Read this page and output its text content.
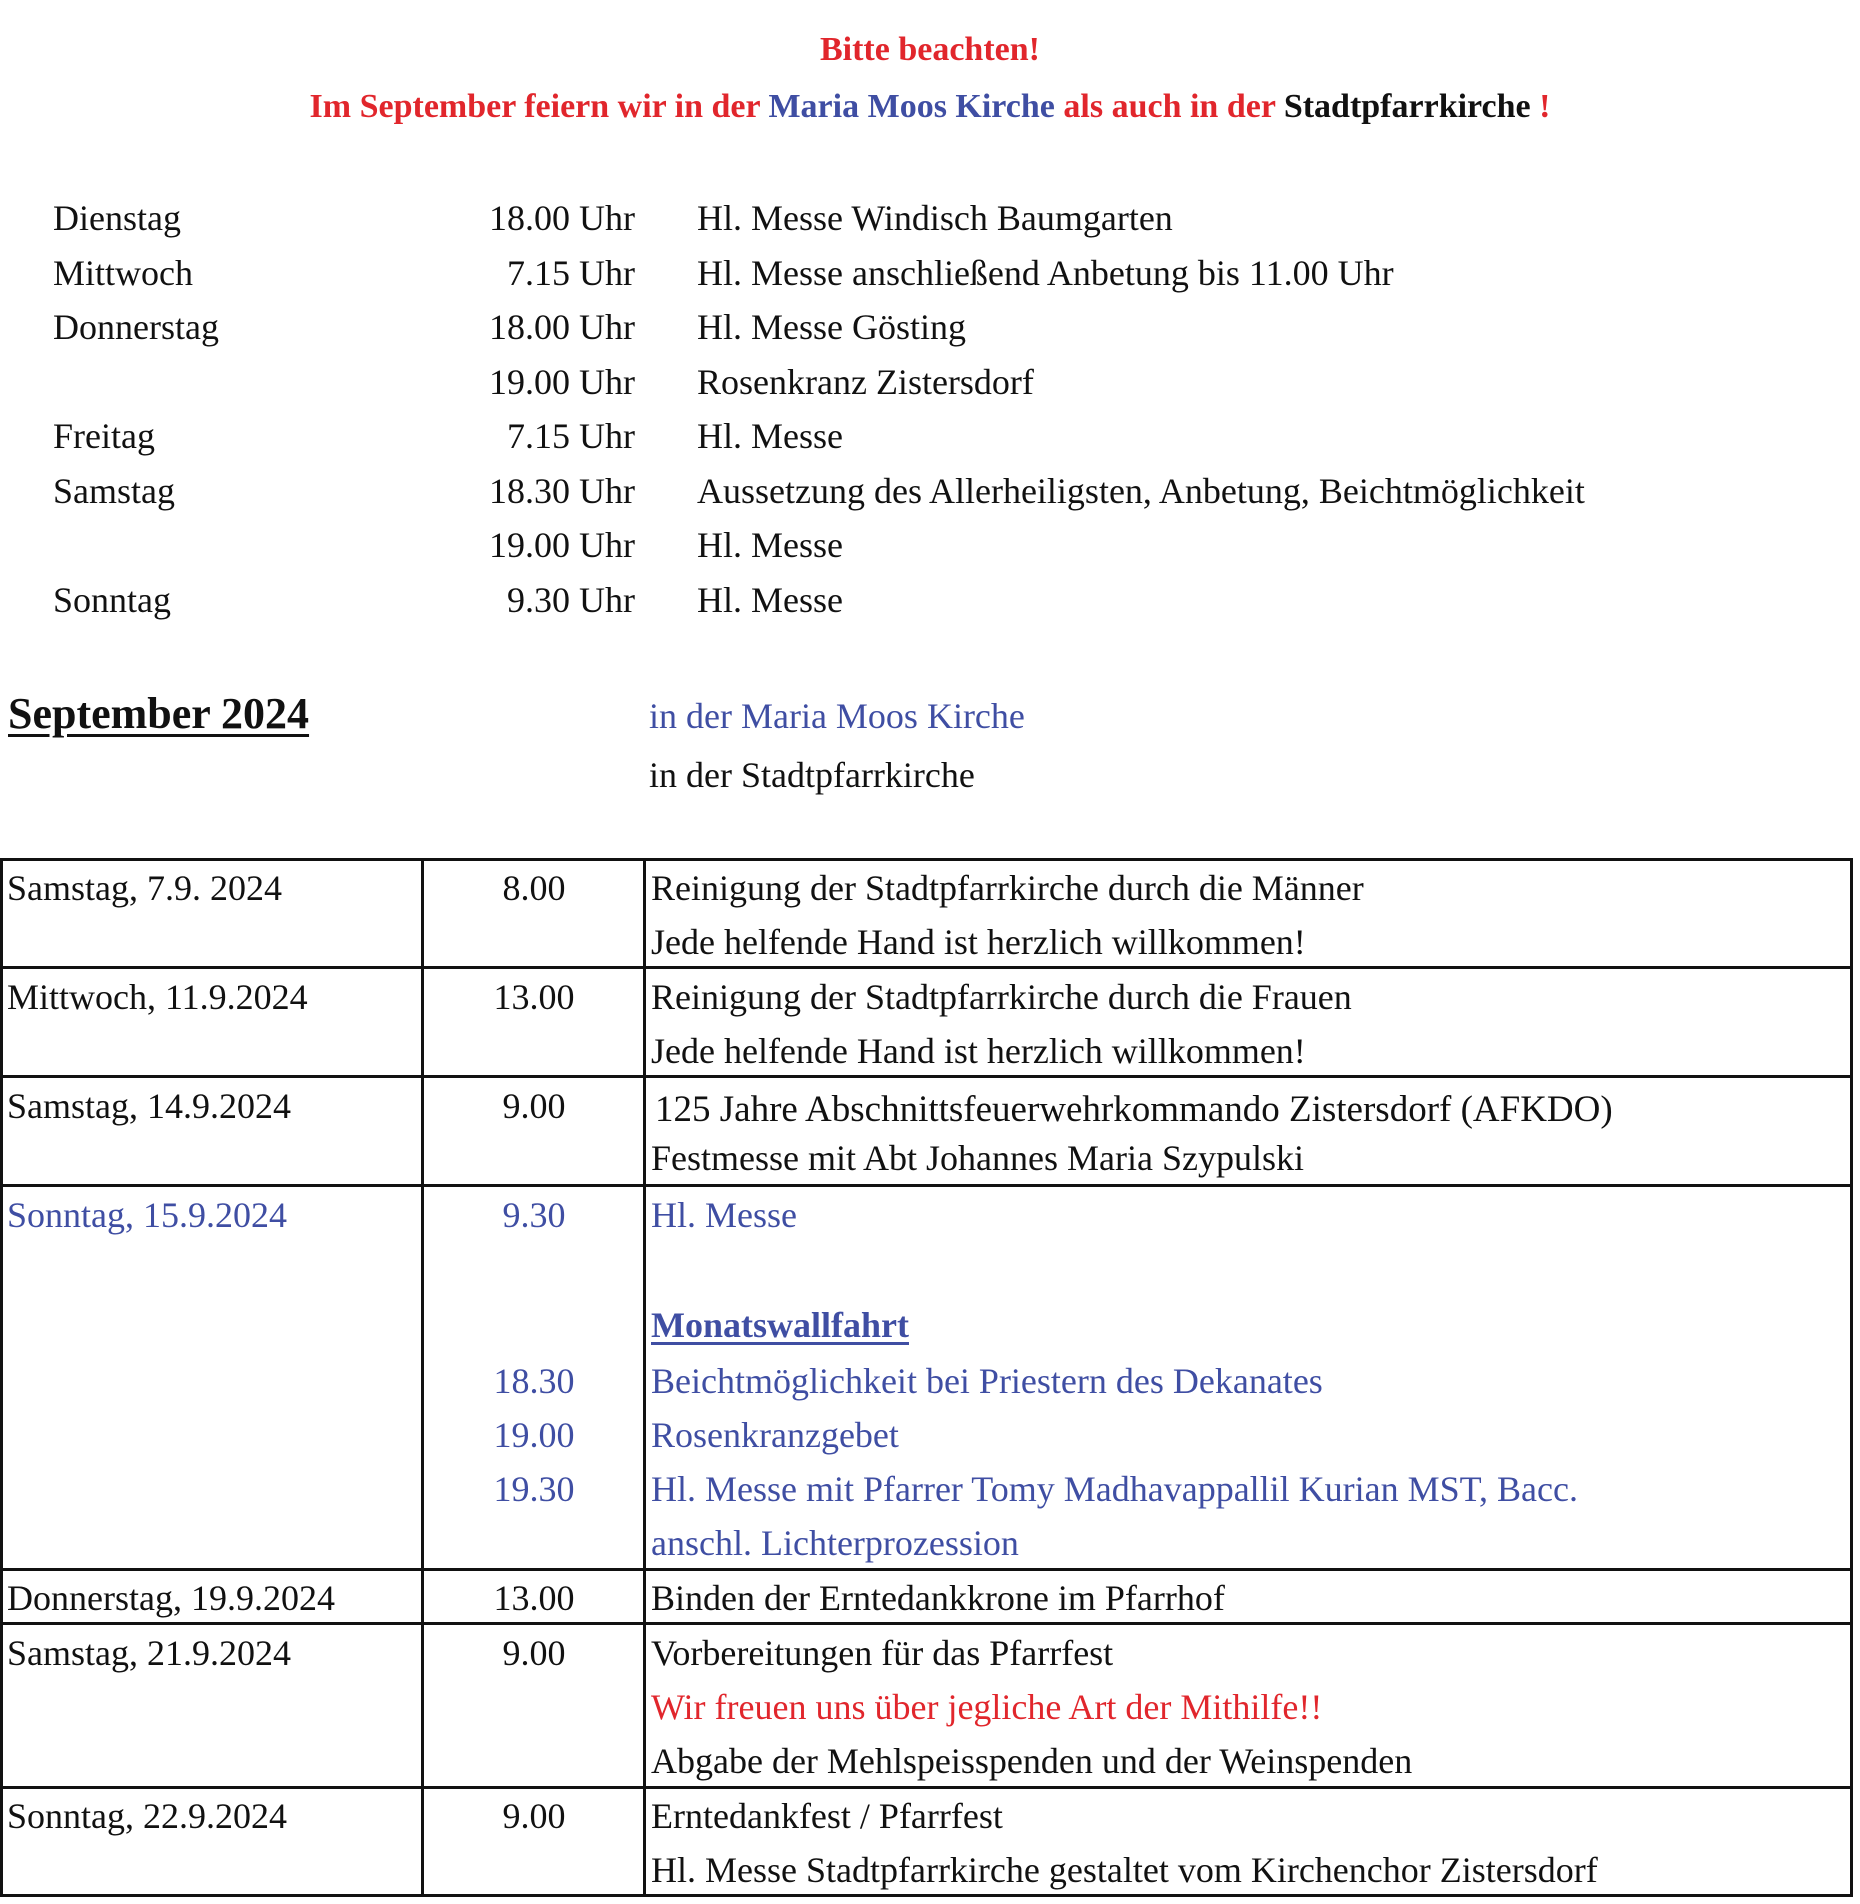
Bitte beachten!
Im September feiern wir in der Maria Moos Kirche als auch in der Stadtpfarrkirche !
Dienstag	18.00 Uhr Hl. Messe Windisch Baumgarten
Mittwoch	7.15 Uhr Hl. Messe anschließend Anbetung bis 11.00 Uhr
Donnerstag	18.00 Uhr Hl. Messe Gösting
19.00 Uhr Rosenkranz Zistersdorf
Freitag	7.15 Uhr Hl. Messe
Samstag	18.30 Uhr Aussetzung des Allerheiligsten, Anbetung, Beichtmöglichkeit
19.00 Uhr Hl. Messe
Sonntag	9.30 Uhr Hl. Messe
September 2024	in der Maria Moos Kirche
in der Stadtpfarrkirche
Samstag, 7.9. 2024	8.00	Reinigung der Stadtpfarrkirche durch die Männer
Jede helfende Hand ist herzlich willkommen!
Mittwoch, 11.9.2024	13.00	Reinigung der Stadtpfarrkirche durch die Frauen
Jede helfende Hand ist herzlich willkommen!
Samstag, 14.9.2024	9.00	125 Jahre Abschnittsfeuerwehrkommando Zistersdorf (AFKDO)
Festmesse mit Abt Johannes Maria Szypulski
Sonntag, 15.9.2024	9.30	Hl. Messe
Monatswallfahrt
18.30	Beichtmöglichkeit bei Priestern des Dekanates
19.00	Rosenkranzgebet
19.30	Hl. Messe mit Pfarrer Tomy Madhavappallil Kurian MST, Bacc.
anschl. Lichterprozession
Donnerstag, 19.9.2024	13.00	Binden der Erntedankkrone im Pfarrhof
Samstag, 21.9.2024	9.00	Vorbereitungen für das Pfarrfest
Wir freuen uns über jegliche Art der Mithilfe!!
Abgabe der Mehlspeisspenden und der Weinspenden
Sonntag, 22.9.2024	9.00	Erntedankfest / Pfarrfest
Hl. Messe Stadtpfarrkirche gestaltet vom Kirchenchor Zistersdorf
